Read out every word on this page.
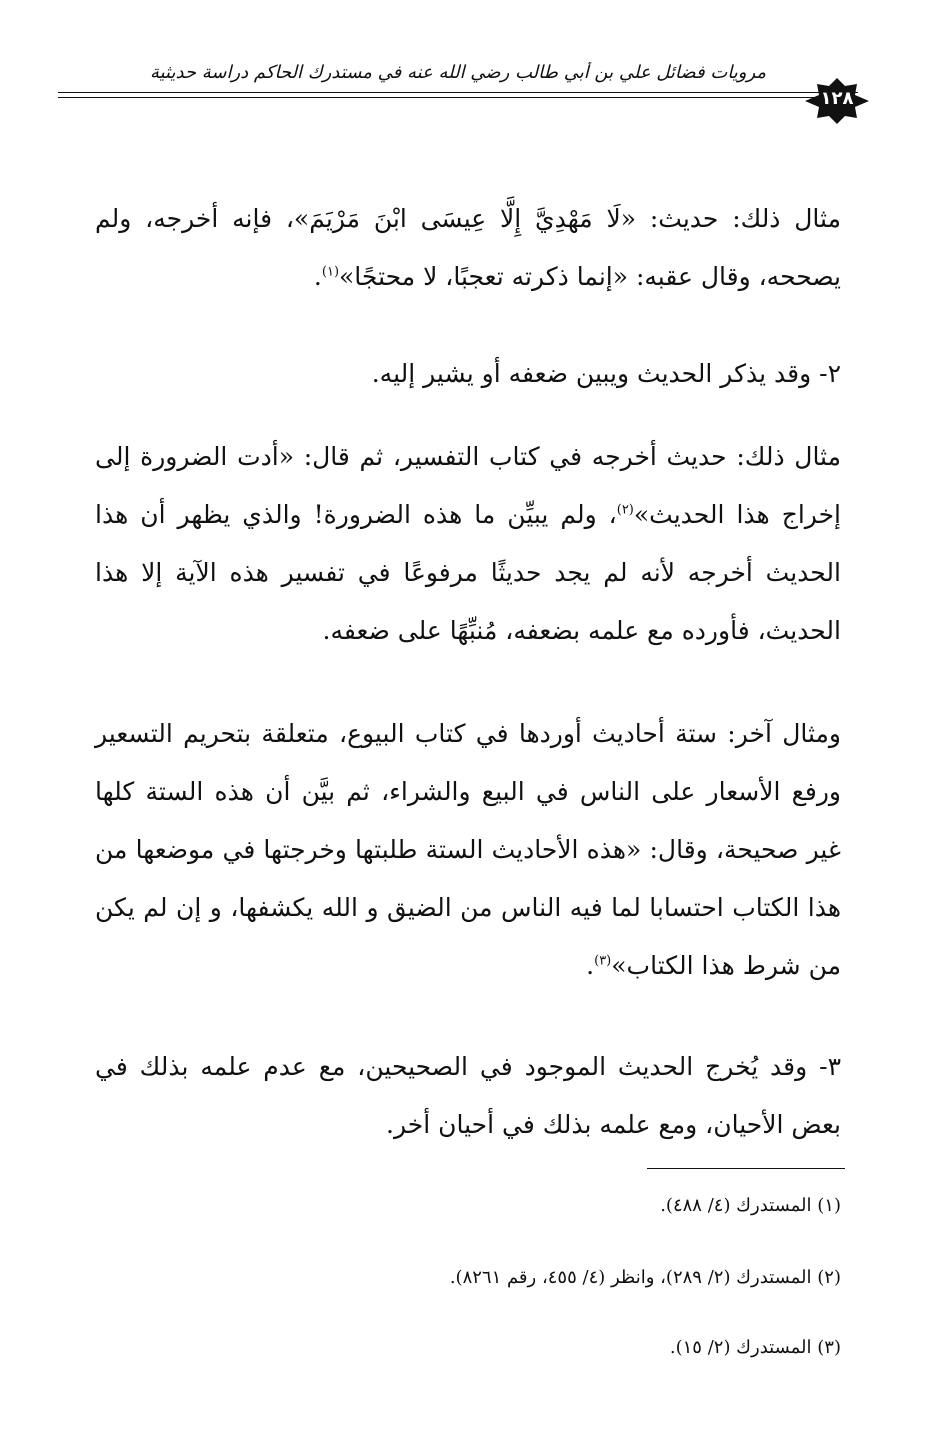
مرويات فضائل علي بن أبي طالب رضي الله عنه في مستدرك الحاكم دراسة حديثية
١٢٨
مثال ذلك: حديث: «لَا مَهْدِيَّ إِلَّا عِيسَى ابْنَ مَرْيَمَ»، فإنه أخرجه، ولم يصححه، وقال عقبه: «إنما ذكرته تعجبًا، لا محتجًا»$^{(١)}$.
٢- وقد يذكر الحديث ويبين ضعفه أو يشير إليه.
مثال ذلك: حديث أخرجه في كتاب التفسير، ثم قال: «أدت الضرورة إلى إخراج هذا الحديث»$^{(٢)}$، ولم يبيِّن ما هذه الضرورة! والذي يظهر أن هذا الحديث أخرجه لأنه لم يجد حديثًا مرفوعًا في تفسير هذه الآية إلا هذا الحديث، فأورده مع علمه بضعفه، مُنبِّهًا على ضعفه.
ومثال آخر: ستة أحاديث أوردها في كتاب البيوع، متعلقة بتحريم التسعير ورفع الأسعار على الناس في البيع والشراء، ثم بيَّن أن هذه الستة كلها غير صحيحة، وقال: «هذه الأحاديث الستة طلبتها وخرجتها في موضعها من هذا الكتاب احتسابا لما فيه الناس من الضيق و الله يكشفها، و إن لم يكن من شرط هذا الكتاب»$^{(٣)}$.
٣- وقد يُخرج الحديث الموجود في الصحيحين، مع عدم علمه بذلك في بعض الأحيان، ومع علمه بذلك في أحيان أخر.
(١) المستدرك (٤/ ٤٨٨).
(٢) المستدرك (٢/ ٢٨٩)، وانظر (٤/ ٤٥٥، رقم ٨٢٦١).
(٣) المستدرك (٢/ ١٥).
